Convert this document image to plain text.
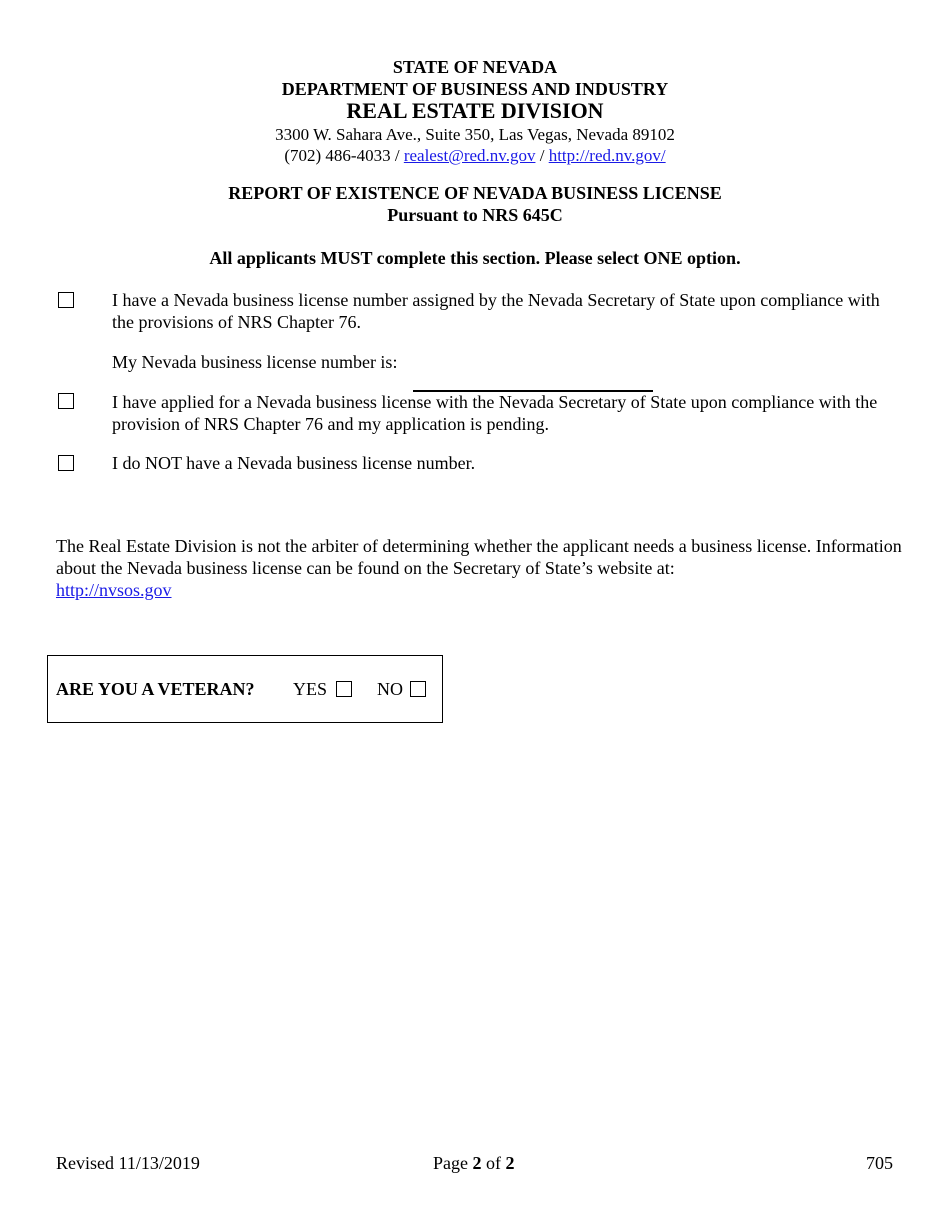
STATE OF NEVADA
DEPARTMENT OF BUSINESS AND INDUSTRY
REAL ESTATE DIVISION
3300 W. Sahara Ave., Suite 350, Las Vegas, Nevada 89102
(702) 486-4033 / realest@red.nv.gov / http://red.nv.gov/
REPORT OF EXISTENCE OF NEVADA BUSINESS LICENSE
Pursuant to NRS 645C
All applicants MUST complete this section. Please select ONE option.
I have a Nevada business license number assigned by the Nevada Secretary of State upon compliance with the provisions of NRS Chapter 76.
My Nevada business license number is:
I have applied for a Nevada business license with the Nevada Secretary of State upon compliance with the provision of NRS Chapter 76 and my application is pending.
I do NOT have a Nevada business license number.
The Real Estate Division is not the arbiter of determining whether the applicant needs a business license. Information about the Nevada business license can be found on the Secretary of State’s website at:
http://nvsos.gov
ARE YOU A VETERAN? YES	NO
Revised 11/13/2019	Page 2 of 2	705
